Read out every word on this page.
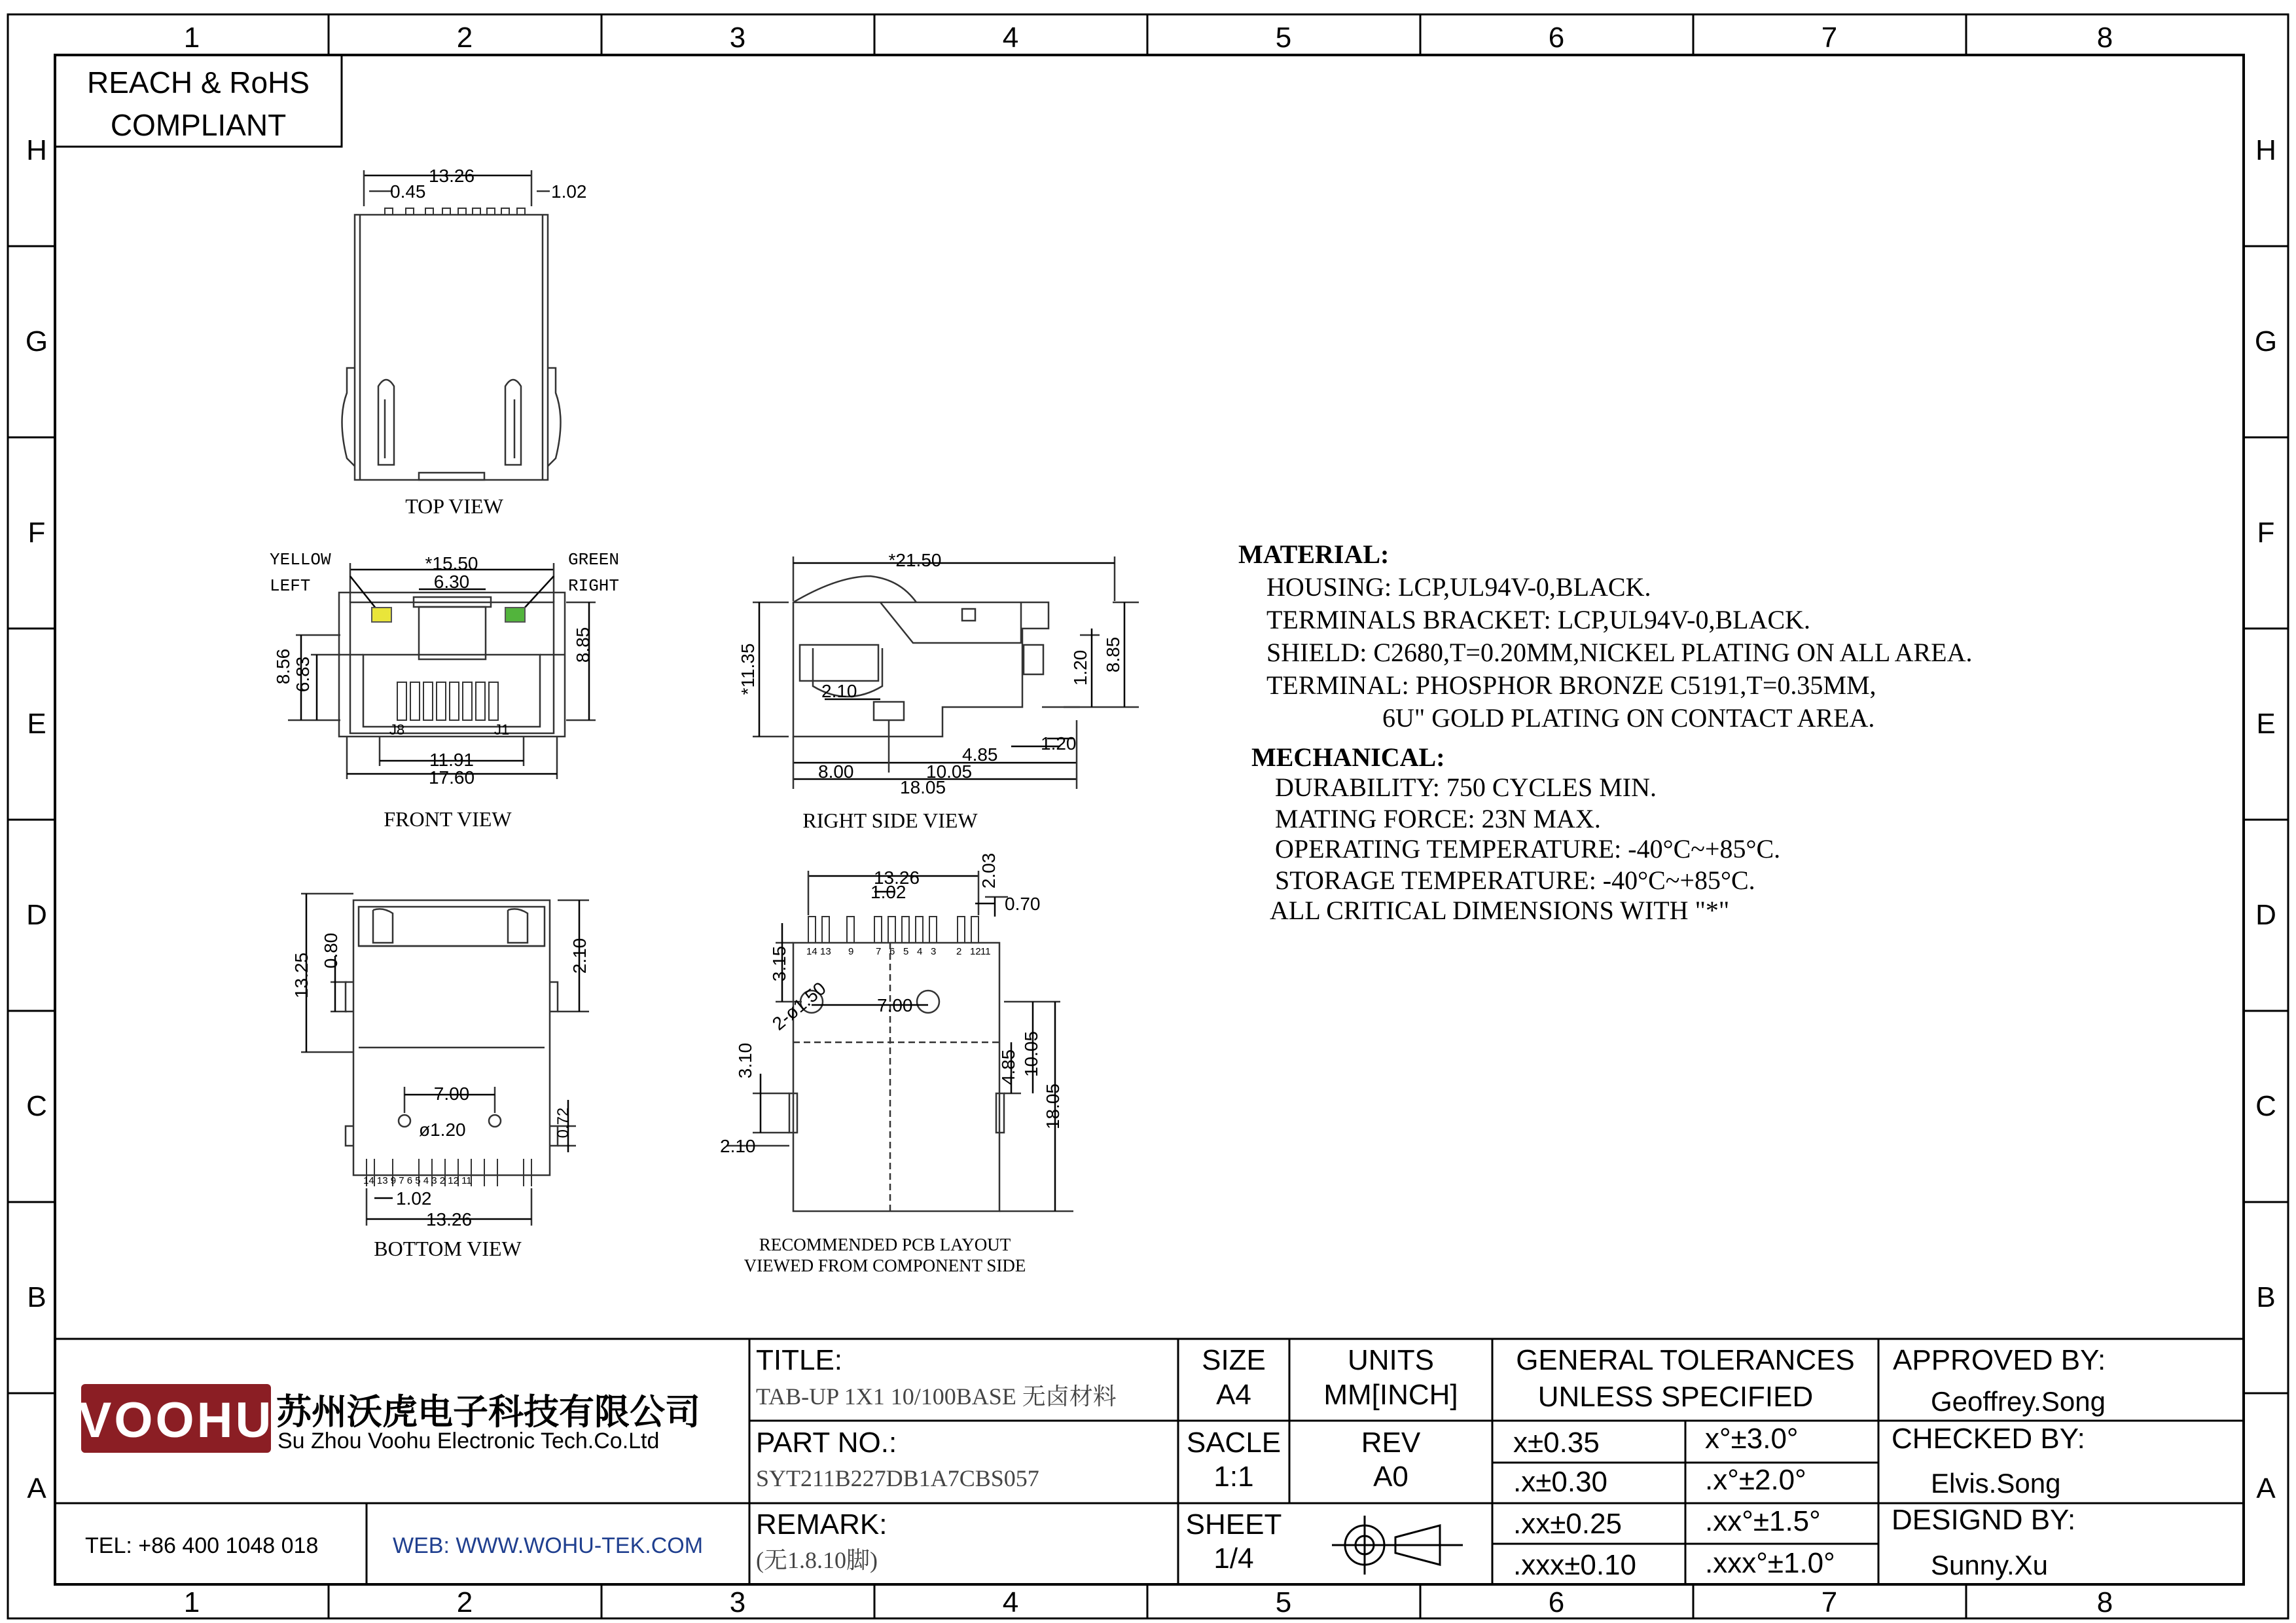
1	2	3	4	5	6	7	8
1	2	3	4	5	6	7	8
H
G
F
E
D
C
B
A
H
G
F
E
D
C
B
A
REACH & RoHS
COMPLIANT
13.26
0.45	1.02
TOP VIEW
*15.50
6.30
YELLOW
LEFT
GREEN
RIGHT
8.56 6.83
8.85
J8	J1
11.91
17.60
FRONT VIEW
*21.50
*11.35	8.85
1.20
2.10
4.85
1.20
8.00	10.05
18.05
RIGHT SIDE VIEW
13.25
0.80	2.10
7.00
ø1.20	0.72
14 13 9 7 6 5 4 3 2 12 11
1.02
13.26
BOTTOM VIEW
13.26
1.02
2.03
0.70
3.15
2-ø1.50	7.00
3.10
2.10
4.85 10.05
18.05
14 13 9 7 6 5 4 3 2 12 11
RECOMMENDED PCB LAYOUT
VIEWED FROM COMPONENT SIDE
MATERIAL:
HOUSING: LCP,UL94V-0,BLACK.
TERMINALS BRACKET: LCP,UL94V-0,BLACK.
SHIELD: C2680,T=0.20MM,NICKEL PLATING ON ALL AREA.
TERMINAL: PHOSPHOR BRONZE C5191,T=0.35MM,
6U" GOLD PLATING ON CONTACT AREA.
MECHANICAL:
DURABILITY: 750 CYCLES MIN.
MATING FORCE: 23N MAX.
OPERATING TEMPERATURE: -40°C~+85°C.
STORAGE TEMPERATURE: -40°C~+85°C.
ALL CRITICAL DIMENSIONS WITH "*"
VOOHU 苏州沃虎电子科技有限公司
Su Zhou Voohu Electronic Tech.Co.Ltd
TEL: +86 400 1048 018	WEB: WWW.WOHU-TEK.COM
TITLE:
TAB-UP 1X1 10/100BASE 无卤材料
PART NO.:
SYT211B227DB1A7CBS057
REMARK:
(无1.8.10脚)
SIZE
A4
UNITS
MM[INCH]
SACLE
1:1
REV
A0
SHEET
1/4
GENERAL TOLERANCES
UNLESS SPECIFIED
x±0.35	x°±3.0°
.x±0.30	.x°±2.0°
.xx±0.25	.xx°±1.5°
.xxx±0.10 .xxx°±1.0°
APPROVED BY:
Geoffrey.Song
CHECKED BY:
Elvis.Song
DESIGND BY:
Sunny.Xu
